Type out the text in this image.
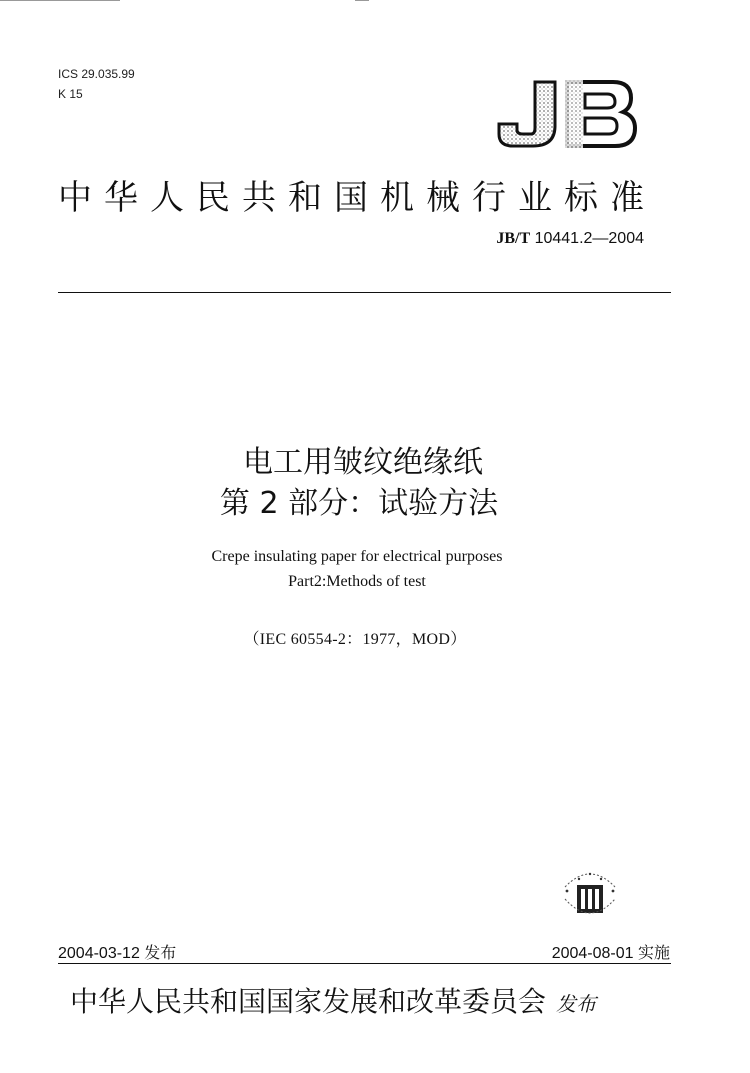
ICS 29.035.99
K 15
中华人民共和国机械行业标准
JB/T 10441.2—2004
电工用皱纹绝缘纸
第 2 部分：试验方法
Crepe insulating paper for electrical purposes
Part2:Methods of test
（IEC 60554-2：1977，MOD）
2004-03-12 发布	2004-08-01 实施
中华人民共和国国家发展和改革委员会 发布
